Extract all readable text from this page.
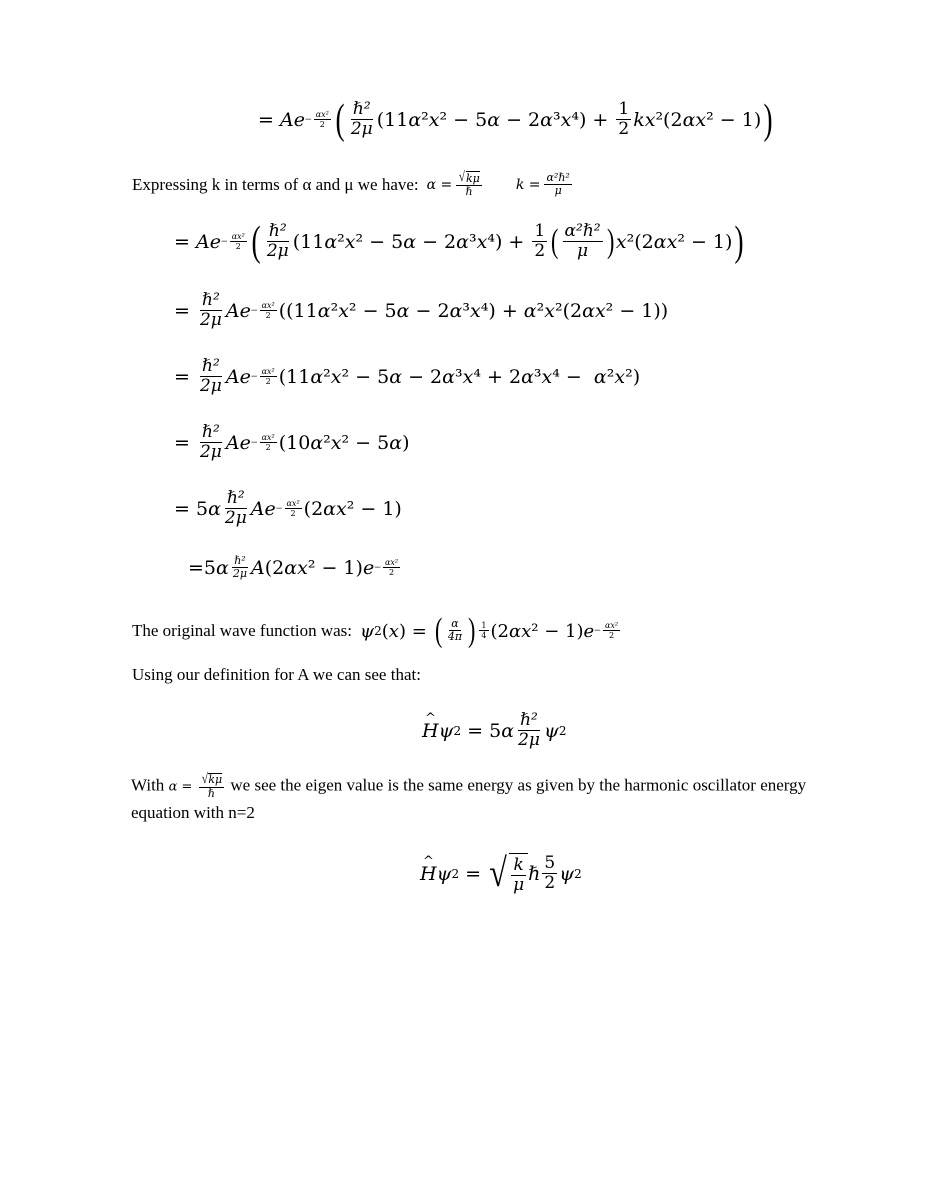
= $Ae - \frac{\text{αx²}}{2}$ ( $\frac{\text{ℏ²}}{2\mu} (11\alpha^2x^2 - 5\alpha - 2\alpha^3x^4) + \frac{1}{2}$ kx ²(2αx² − 1) )
Expressing k in terms of α and μ we have: $\alpha = \frac{√ k\mu}{\text{ℏ}}$ $k = \frac{\text{α²ℏ²}}{\mu}$
= $Ae - \frac{\text{αx²}}{2}$ ( $\frac{\text{ℏ²}}{2\mu} (11\alpha^2x^2 - 5\alpha - 2\alpha^3x^4) + \frac{1}{2}$ ( $\frac{\text{α²ℏ²}}{\mu}$ ) x ²(2αx² − 1) )
= $\frac{\text{ℏ²}}{2\mu}$ $Ae - \frac{\text{αx²}}{2} ((11\alpha^2x^2 - 5\alpha - 2\alpha^3x^4) + \alpha^2x^2(2\alpha x^2 - 1))$
= $\frac{\text{ℏ²}}{2\mu}$ $Ae - \frac{\text{αx²}}{2} (11\alpha^2x^2 - 5\alpha - 2\alpha^3x^4 + 2\alpha^3x^4 - \alpha^2x^2)$
= $\frac{\text{ℏ²}}{2\mu}$ $Ae - \frac{\text{αx²}}{2} (10\alpha^2x^2 - 5\alpha)$
= $5\alpha \frac{\text{ℏ²}}{2\mu}$ $Ae - \frac{\text{αx²}}{2} (2\alpha x^2 - 1)$
$=5\alpha \frac{\text{ℏ²}}{2\mu}$ A (2αx² − 1) $e - \frac{\text{αx²}}{2}$
The original wave function was: ψ 2 (x) = ( $\frac{\alpha}{4\pi}$ ) $\frac{1}{4} (2\alpha x^2 - 1) e - \frac{\text{αx²}}{2}$
Using our definition for A we can see that:
^ H ψ $2 = 5\alpha \frac{\text{ℏ²}}{2\mu}$ ψ 2
With $\alpha = \frac{√ k\mu}{\text{ℏ}}$ we see the eigen value is the same energy as given by the harmonic oscillator energy equation with n=2
^ H ψ 2 = √ $\frac{k}{\mu}$ ℏ $\frac{5}{2}$ ψ 2
